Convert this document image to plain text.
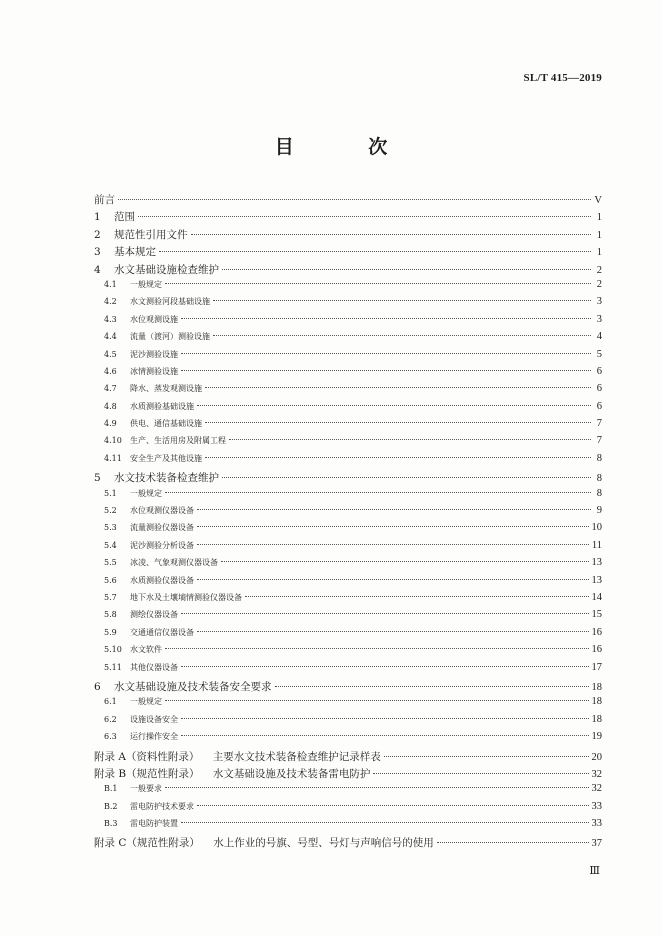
SL/T 415—2019
目 次
前言	V
1	范围	1
2	规范性引用文件	1
3	基本规定	1
4	水文基础设施检查维护	2
4.1	一般规定	2
4.2	水文测验河段基础设施	3
4.3	水位观测设施	3
4.4	流量（渡河）测验设施	4
4.5	泥沙测验设施	5
4.6	冰情测验设施	6
4.7	降水、蒸发观测设施	6
4.8	水质测验基础设施	6
4.9	供电、通信基础设施	7
4.10	生产、生活用房及附属工程	7
4.11	安全生产及其他设施	8
5	水文技术装备检查维护	8
5.1	一般规定	8
5.2	水位观测仪器设备	9
5.3	流量测验仪器设备	10
5.4	泥沙测验分析设备	11
5.5	冰凌、气象观测仪器设备	13
5.6	水质测验仪器设备	13
5.7	地下水及土壤墒情测验仪器设备	14
5.8	测绘仪器设备	15
5.9	交通通信仪器设备	16
5.10	水文软件	16
5.11	其他仪器设备	17
6	水文基础设施及技术装备安全要求	18
6.1	一般规定	18
6.2	设施设备安全	18
6.3	运行操作安全	19
附录 A（资料性附录）    主要水文技术装备检查维护记录样表	20
附录 B（规范性附录）    水文基础设施及技术装备雷电防护	32
B.1	一般要求	32
B.2	雷电防护技术要求	33
B.3	雷电防护装置	33
附录 C（规范性附录）    水上作业的号旗、号型、号灯与声响信号的使用	37
Ⅲ
